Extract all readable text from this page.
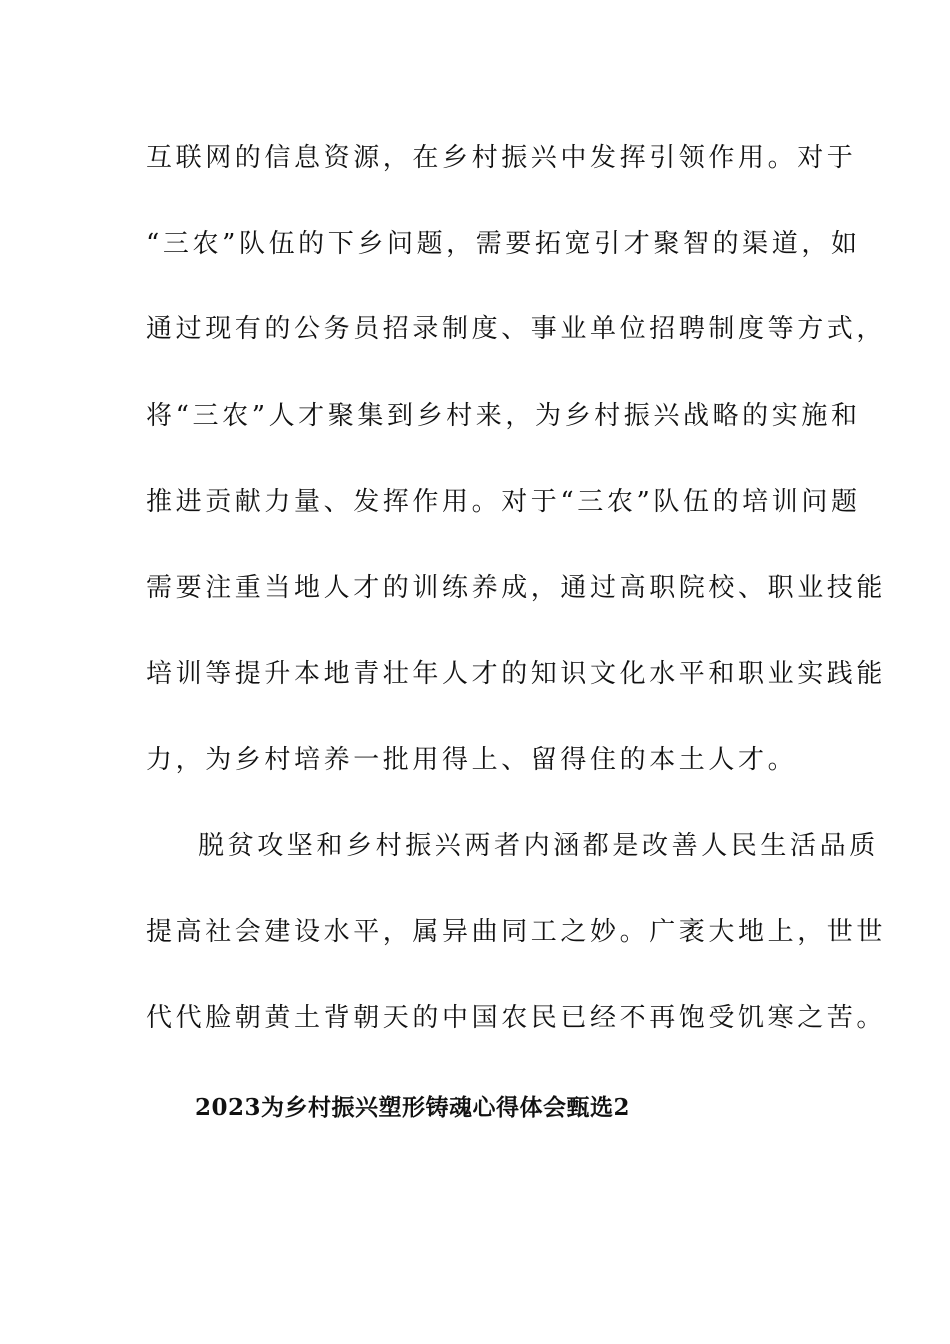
互联网的信息资源，在乡村振兴中发挥引领作用。对于
“三农”队伍的下乡问题，需要拓宽引才聚智的渠道，如
通过现有的公务员招录制度、事业单位招聘制度等方式，
将“三农”人才聚集到乡村来，为乡村振兴战略的实施和
推进贡献力量、发挥作用。对于“三农”队伍的培训问题
需要注重当地人才的训练养成，通过高职院校、职业技能
培训等提升本地青壮年人才的知识文化水平和职业实践能
力，为乡村培养一批用得上、留得住的本土人才。
脱贫攻坚和乡村振兴两者内涵都是改善人民生活品质
提高社会建设水平，属异曲同工之妙。广袤大地上，世世
代代脸朝黄土背朝天的中国农民已经不再饱受饥寒之苦。
2023为乡村振兴塑形铸魂心得体会甄选2
